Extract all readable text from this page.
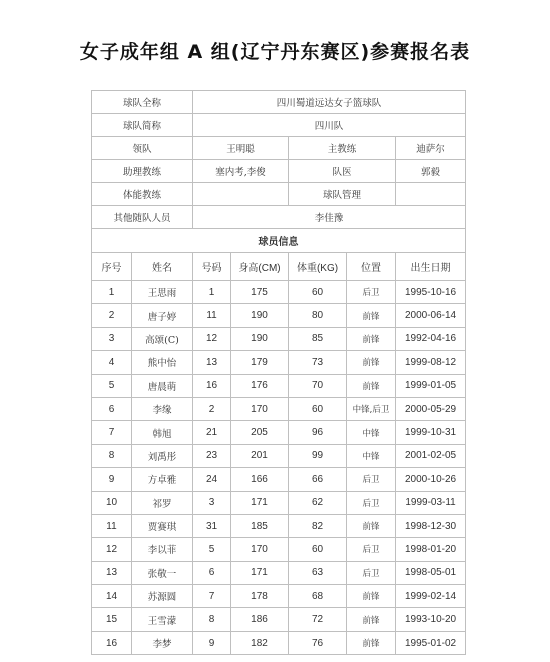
女子成年组 A 组(辽宁丹东赛区)参赛报名表
球队全称		四川蜀道远达女子篮球队				
球队简称		四川队				
领队		王明聪		主教练		迪萨尔
助理教练		塞内考,李俊		队医		郭毅
体能教练				球队管理		
其他随队人员		李佳豫				
球员信息						
序号	姓名	号码	身高(CM)	体重(KG)	位置	出生日期
1	王思雨	1	175	60	后卫	1995-10-16
2	唐子婷	11	190	80	前锋	2000-06-14
3	高颂(C)	12	190	85	前锋	1992-04-16
4	熊中怡	13	179	73	前锋	1999-08-12
5	唐晨萌	16	176	70	前锋	1999-01-05
6	李缘	2	170	60	中锋,后卫	2000-05-29
7	韩旭	21	205	96	中锋	1999-10-31
8	刘禹彤	23	201	99	中锋	2001-02-05
9	方卓雅	24	166	66	后卫	2000-10-26
10	祁罗	3	171	62	后卫	1999-03-11
11	贾赛琪	31	185	82	前锋	1998-12-30
12	李以菲	5	170	60	后卫	1998-01-20
13	张敬一	6	171	63	后卫	1998-05-01
14	苏源圆	7	178	68	前锋	1999-02-14
15	王雪濛	8	186	72	前锋	1993-10-20
16	李梦	9	182	76	前锋	1995-01-02
